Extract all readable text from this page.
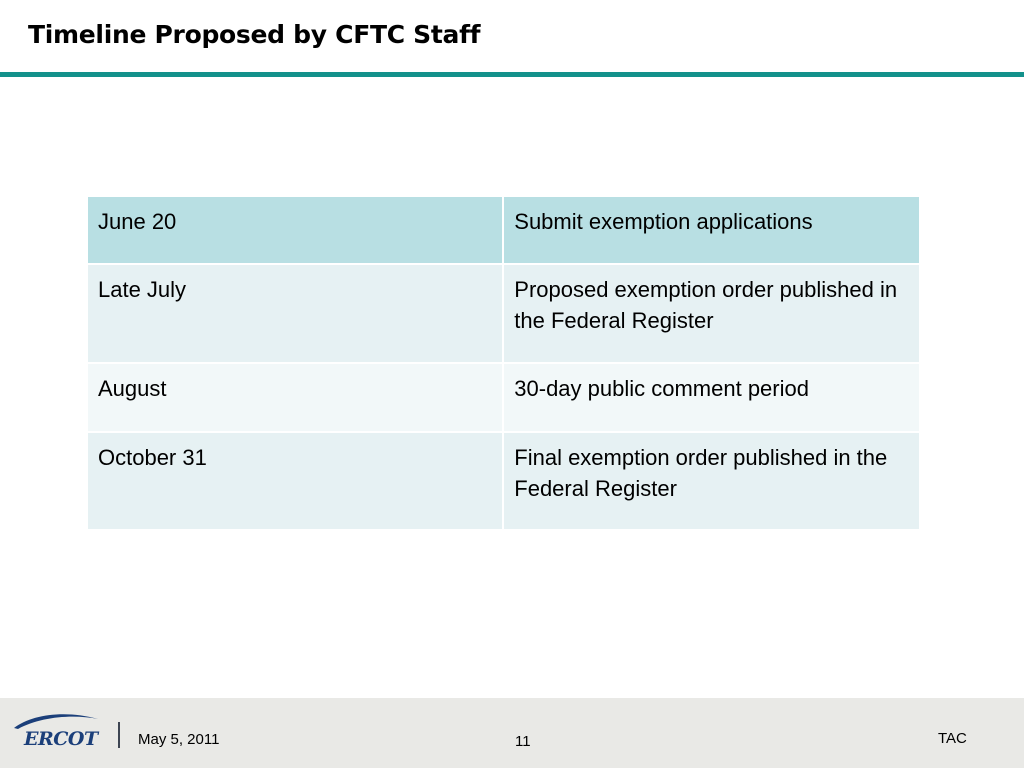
Timeline Proposed by CFTC Staff
June 20	Submit exemption applications
Late July	Proposed exemption order published in the Federal Register
August	30-day public comment period
October 31	Final exemption order published in the Federal Register
ERCOT	May 5, 2011	11	TAC
